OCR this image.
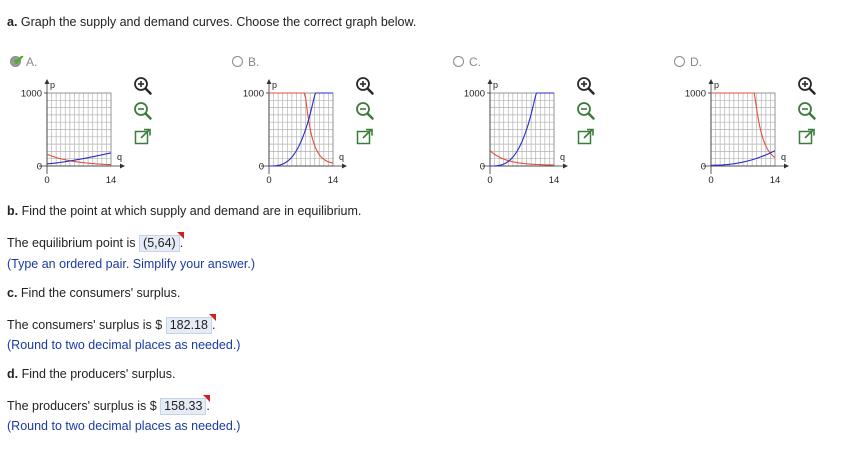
a. Graph the supply and demand curves. Choose the correct graph below.
✔ A.
1000
0
0	14
p
q
B.
1000
0
0	14
p
q
C.
1000
0
0	14
p
q
D.
1000
0
0	14
p
q
b. Find the point at which supply and demand are in equilibrium.
The equilibrium point is (5,64) .
(Type an ordered pair. Simplify your answer.)
c. Find the consumers' surplus.
The consumers' surplus is $ 182.18 .
(Round to two decimal places as needed.)
d. Find the producers' surplus.
The producers' surplus is $ 158.33 .
(Round to two decimal places as needed.)
